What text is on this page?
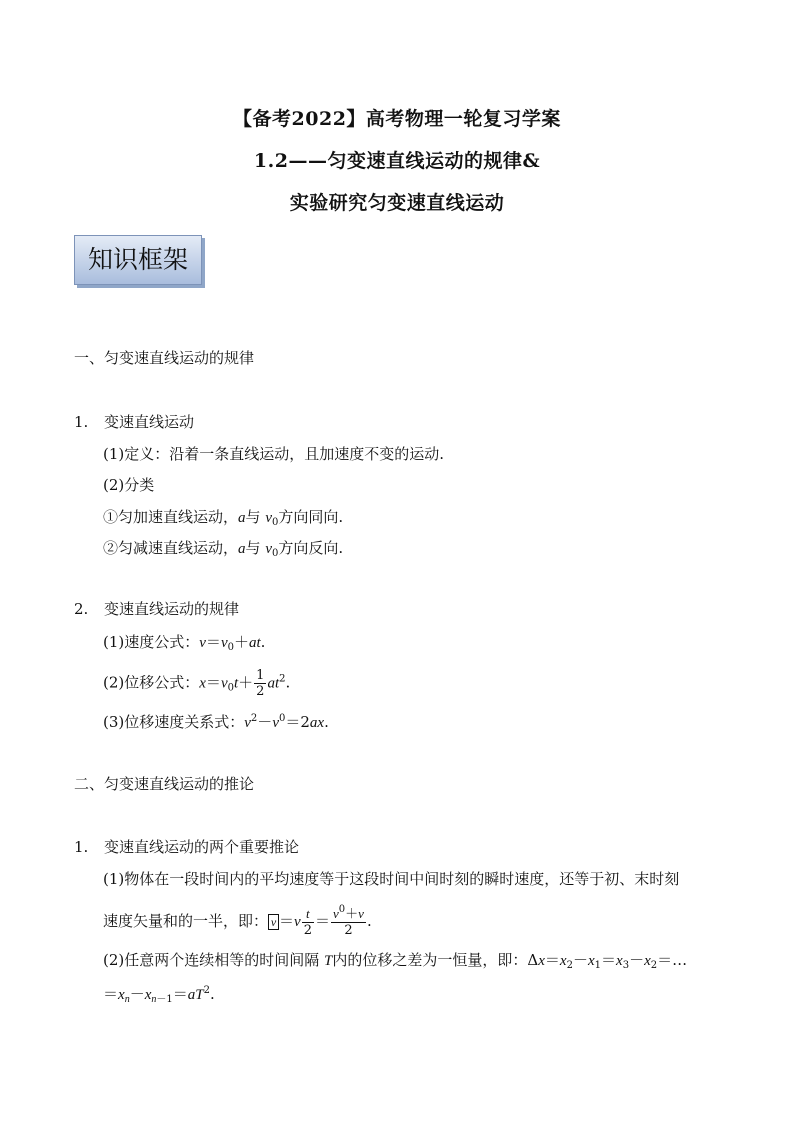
【备考2022】高考物理一轮复习学案
1.2——匀变速直线运动的规律&
实验研究匀变速直线运动
知识框架
一、匀变速直线运动的规律
1. 变速直线运动
(1)定义：沿着一条直线运动，且加速度不变的运动.
(2)分类
①匀加速直线运动，a与 $v_0$方向同向.
②匀减速直线运动，a与 $v_0$方向反向.
2. 变速直线运动的规律
(1)速度公式：$v=v_0+at$.
(2)位移公式：$x=v_0t+ \frac{1}{2} at^2$.
(3)位移速度关系式：$v^2-v^0=2ax$.
二、匀变速直线运动的推论
1. 变速直线运动的两个重要推论
(1)物体在一段时间内的平均速度等于这段时间中间时刻的瞬时速度，还等于初、末时刻
速度矢量和的一半，即： $v =v \frac{t}{2} = \frac{v^0+v}{2}$ .
(2)任意两个连续相等的时间间隔 T内的位移之差为一恒量，即：$\Delta x=x_2-x_1=x_3-x_2=\dots$
$=x_n-x_{n-1}=aT^2$.
